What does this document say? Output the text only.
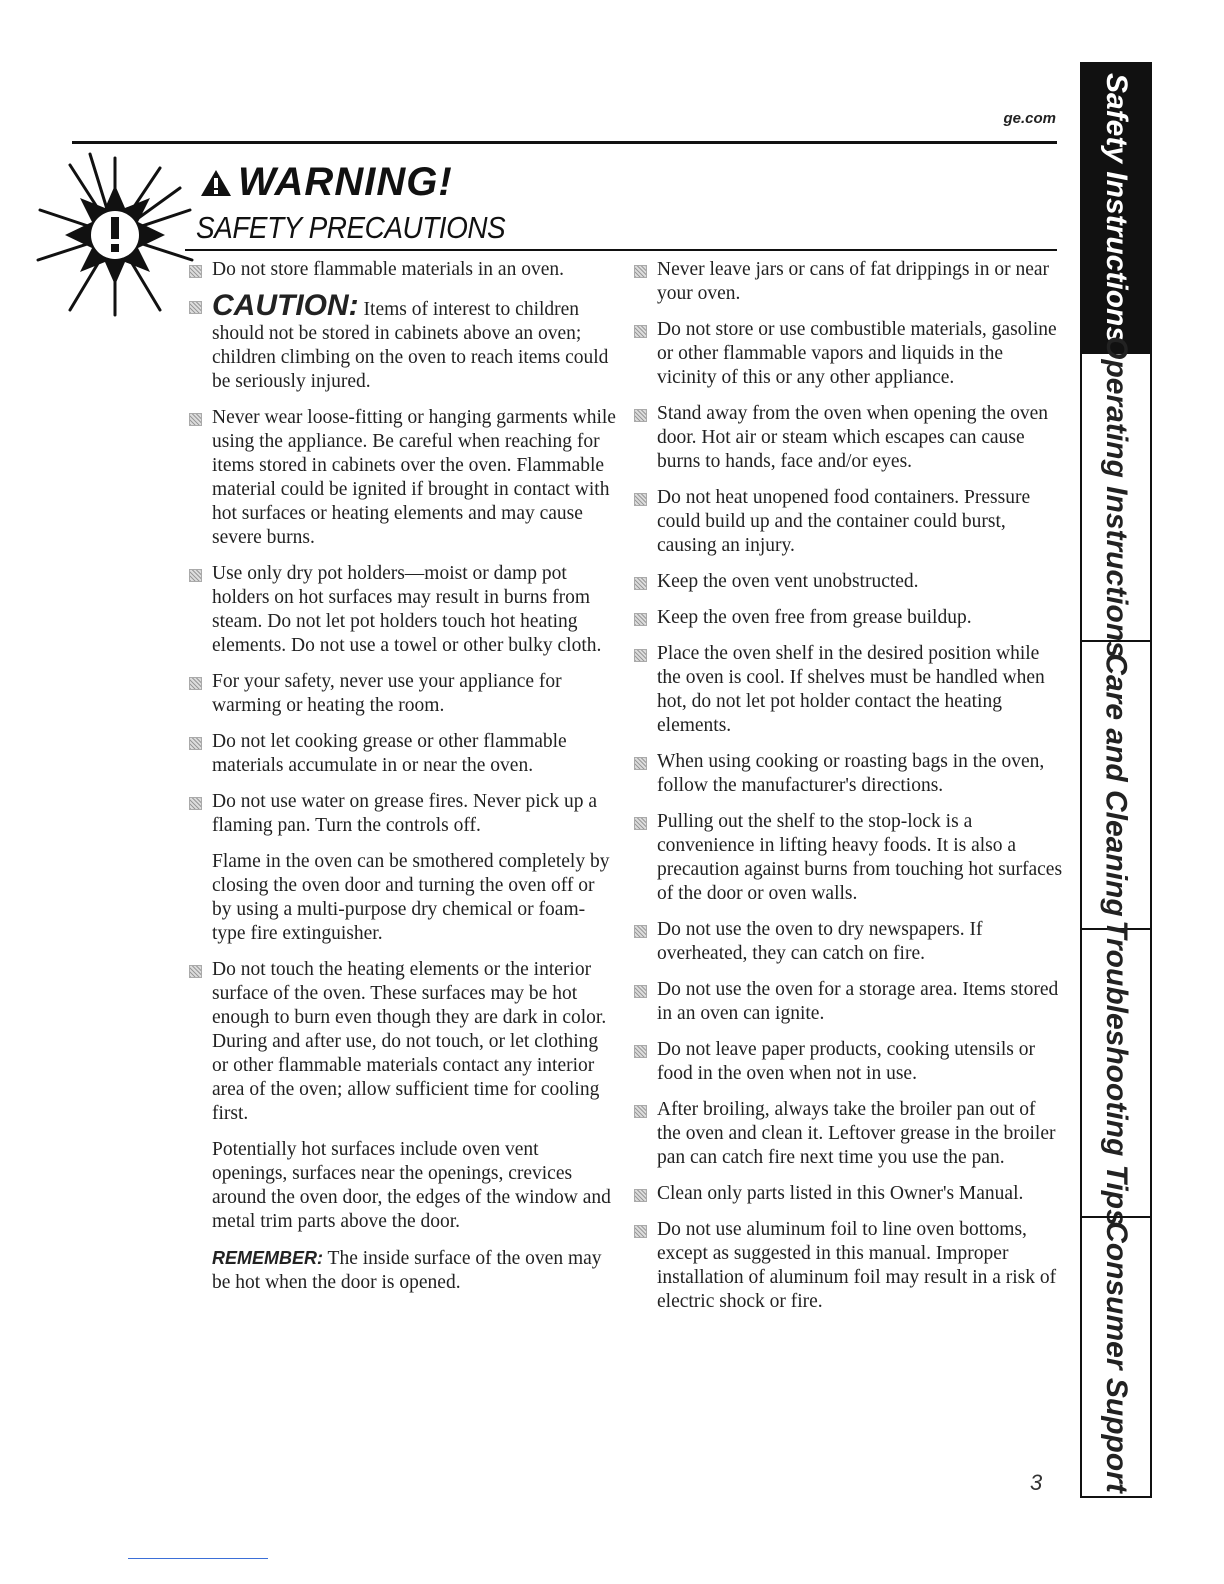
ge.com
WARNING!
SAFETY PRECAUTIONS
Do not store flammable materials in an oven.
CAUTION: Items of interest to children should not be stored in cabinets above an oven; children climbing on the oven to reach items could be seriously injured.
Never wear loose-fitting or hanging garments while using the appliance. Be careful when reaching for items stored in cabinets over the oven. Flammable material could be ignited if brought in contact with hot surfaces or heating elements and may cause severe burns.
Use only dry pot holders—moist or damp pot holders on hot surfaces may result in burns from steam. Do not let pot holders touch hot heating elements. Do not use a towel or other bulky cloth.
For your safety, never use your appliance for warming or heating the room.
Do not let cooking grease or other flammable materials accumulate in or near the oven.
Do not use water on grease fires. Never pick up a flaming pan. Turn the controls off.
Flame in the oven can be smothered completely by closing the oven door and turning the oven off or by using a multi-purpose dry chemical or foam-type fire extinguisher.
Do not touch the heating elements or the interior surface of the oven. These surfaces may be hot enough to burn even though they are dark in color. During and after use, do not touch, or let clothing or other flammable materials contact any interior area of the oven; allow sufficient time for cooling first.
Potentially hot surfaces include oven vent openings, surfaces near the openings, crevices around the oven door, the edges of the window and metal trim parts above the door.
REMEMBER: The inside surface of the oven may be hot when the door is opened.
Never leave jars or cans of fat drippings in or near your oven.
Do not store or use combustible materials, gasoline or other flammable vapors and liquids in the vicinity of this or any other appliance.
Stand away from the oven when opening the oven door. Hot air or steam which escapes can cause burns to hands, face and/or eyes.
Do not heat unopened food containers. Pressure could build up and the container could burst, causing an injury.
Keep the oven vent unobstructed.
Keep the oven free from grease buildup.
Place the oven shelf in the desired position while the oven is cool. If shelves must be handled when hot, do not let pot holder contact the heating elements.
When using cooking or roasting bags in the oven, follow the manufacturer's directions.
Pulling out the shelf to the stop-lock is a convenience in lifting heavy foods. It is also a precaution against burns from touching hot surfaces of the door or oven walls.
Do not use the oven to dry newspapers. If overheated, they can catch on fire.
Do not use the oven for a storage area. Items stored in an oven can ignite.
Do not leave paper products, cooking utensils or food in the oven when not in use.
After broiling, always take the broiler pan out of the oven and clean it. Leftover grease in the broiler pan can catch fire next time you use the pan.
Clean only parts listed in this Owner's Manual.
Do not use aluminum foil to line oven bottoms, except as suggested in this manual. Improper installation of aluminum foil may result in a risk of electric shock or fire.
Safety Instructions
Operating Instructions
Care and Cleaning
Troubleshooting Tips
Consumer Support
3
